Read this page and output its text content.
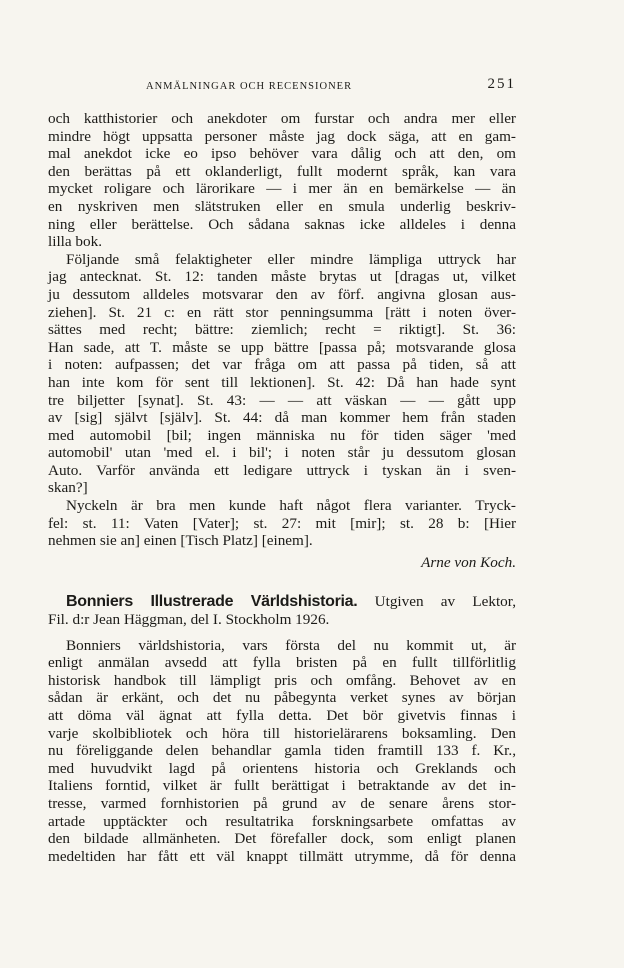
ANMÄLNINGAR OCH RECENSIONER	251
och katthistorier och anekdoter om furstar och andra mer eller
mindre högt uppsatta personer måste jag dock säga, att en gam-
mal anekdot icke eo ipso behöver vara dålig och att den, om
den berättas på ett oklanderligt, fullt modernt språk, kan vara
mycket roligare och lärorikare — i mer än en bemärkelse — än
en nyskriven men slätstruken eller en smula underlig beskriv-
ning eller berättelse. Och sådana saknas icke alldeles i denna
lilla bok.
Följande små felaktigheter eller mindre lämpliga uttryck har
jag antecknat. St. 12: tanden måste brytas ut [dragas ut, vilket
ju dessutom alldeles motsvarar den av förf. angivna glosan aus-
ziehen]. St. 21 c: en rätt stor penningsumma [rätt i noten över-
sättes med recht; bättre: ziemlich; recht = riktigt]. St. 36:
Han sade, att T. måste se upp bättre [passa på; motsvarande glosa
i noten: aufpassen; det var fråga om att passa på tiden, så att
han inte kom för sent till lektionen]. St. 42: Då han hade synt
tre biljetter [synat]. St. 43: — — att väskan — — gått upp
av [sig] självt [själv]. St. 44: då man kommer hem från staden
med automobil [bil; ingen människa nu för tiden säger 'med
automobil' utan 'med el. i bil'; i noten står ju dessutom glosan
Auto. Varför använda ett ledigare uttryck i tyskan än i sven-
skan?]
Nyckeln är bra men kunde haft något flera varianter. Tryck-
fel: st. 11: Vaten [Vater]; st. 27: mit [mir]; st. 28 b: [Hier
nehmen sie an] einen [Tisch Platz] [einem].
Arne von Koch.
Bonniers Illustrerade Världshistoria. Utgiven av Lektor,
Fil. d:r Jean Häggman, del I. Stockholm 1926.
Bonniers världshistoria, vars första del nu kommit ut, är
enligt anmälan avsedd att fylla bristen på en fullt tillförlitlig
historisk handbok till lämpligt pris och omfång. Behovet av en
sådan är erkänt, och det nu påbegynta verket synes av början
att döma väl ägnat att fylla detta. Det bör givetvis finnas i
varje skolbibliotek och höra till historielärarens boksamling. Den
nu föreliggande delen behandlar gamla tiden framtill 133 f. Kr.,
med huvudvikt lagd på orientens historia och Greklands och
Italiens forntid, vilket är fullt berättigat i betraktande av det in-
tresse, varmed fornhistorien på grund av de senare årens stor-
artade upptäckter och resultatrika forskningsarbete omfattas av
den bildade allmänheten. Det förefaller dock, som enligt planen
medeltiden har fått ett väl knappt tillmätt utrymme, då för denna
